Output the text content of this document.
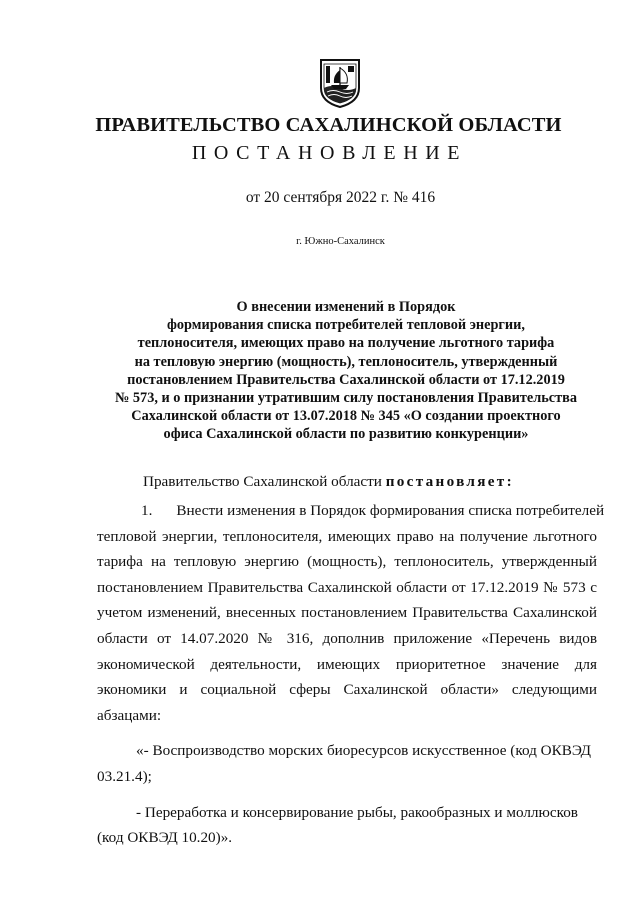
ПРАВИТЕЛЬСТВО САХАЛИНСКОЙ ОБЛАСТИ
ПОСТАНОВЛЕНИЕ
от 20 сентября 2022 г. № 416
г. Южно-Сахалинск
О внесении изменений в Порядок
формирования списка потребителей тепловой энергии,
теплоносителя, имеющих право на получение льготного тарифа
на тепловую энергию (мощность), теплоноситель, утвержденный
постановлением Правительства Сахалинской области от 17.12.2019
№ 573, и о признании утратившим силу постановления Правительства
Сахалинской области от 13.07.2018 № 345 «О создании проектного
офиса Сахалинской области по развитию конкуренции»
Правительство Сахалинской области постановляет:
1. Внести изменения в Порядок формирования списка потребителей
тепловой энергии, теплоносителя, имеющих право на получение льготного
тарифа на тепловую энергию (мощность), теплоноситель, утвержденный
постановлением Правительства Сахалинской области от 17.12.2019 № 573 с
учетом изменений, внесенных постановлением Правительства Сахалинской
области от 14.07.2020 № 316, дополнив приложение «Перечень видов
экономической деятельности, имеющих приоритетное значение для
экономики и социальной сферы Сахалинской области» следующими
абзацами:
«- Воспроизводство морских биоресурсов искусственное (код ОКВЭД
03.21.4);
- Переработка и консервирование рыбы, ракообразных и моллюсков
(код ОКВЭД 10.20)».
